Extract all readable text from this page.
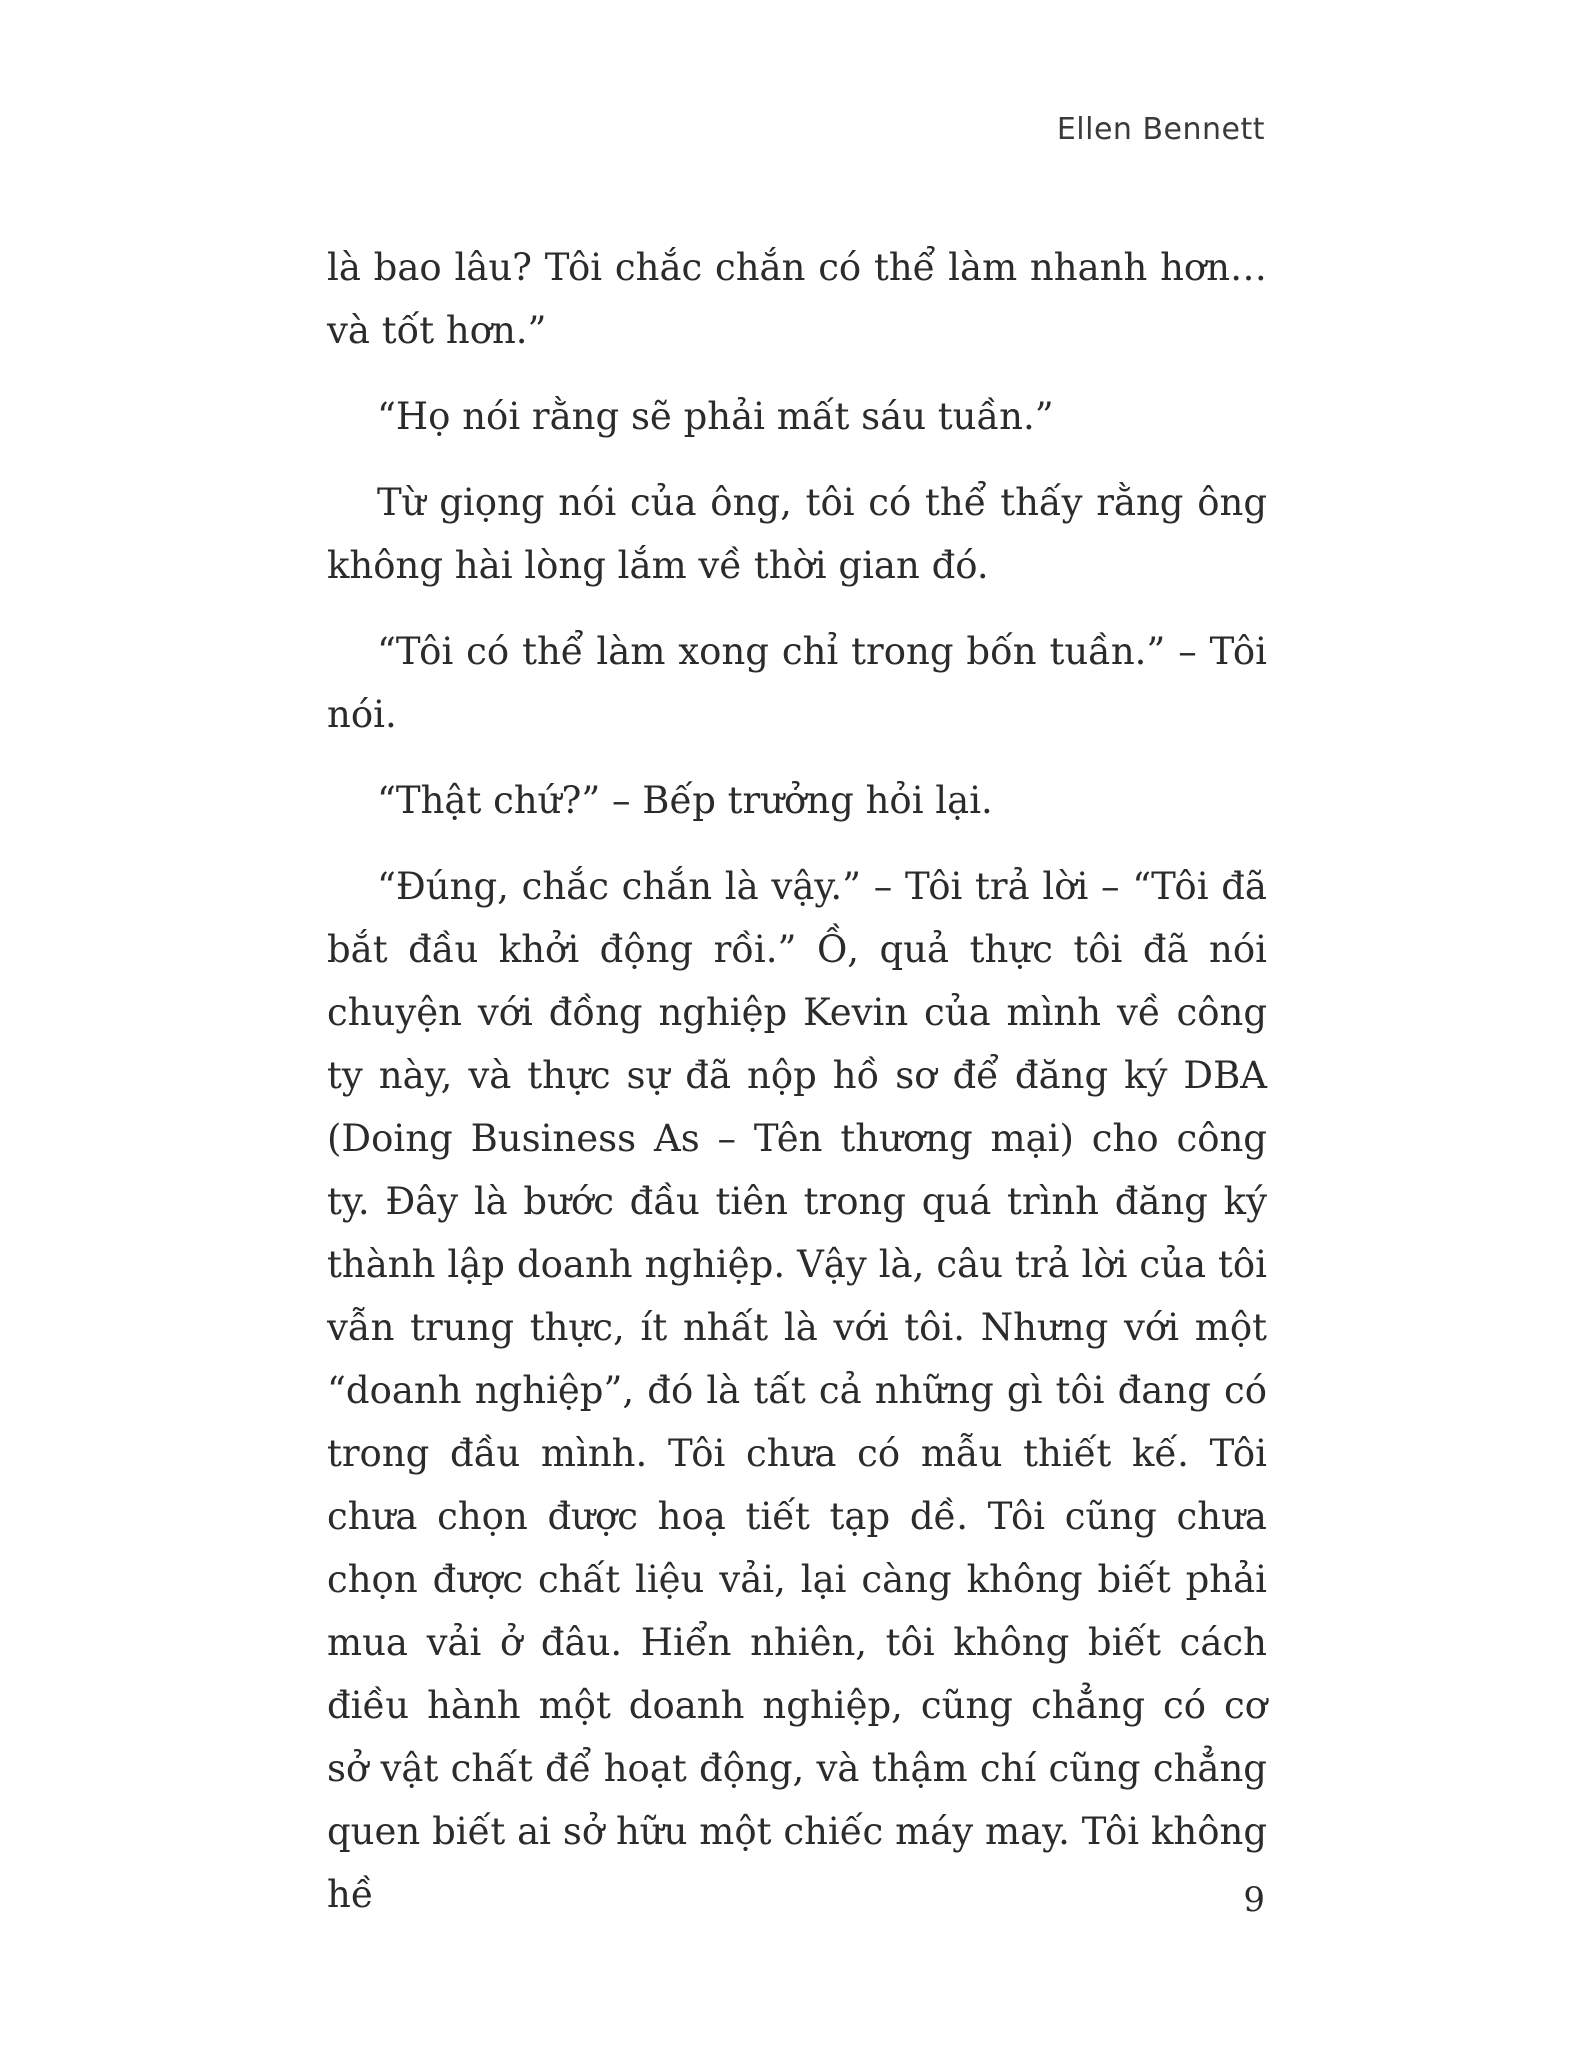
Ellen Bennett

là bao lâu? Tôi chắc chắn có thể làm nhanh hơn… và tốt hơn.”

“Họ nói rằng sẽ phải mất sáu tuần.”

Từ giọng nói của ông, tôi có thể thấy rằng ông không hài lòng lắm về thời gian đó.

“Tôi có thể làm xong chỉ trong bốn tuần.” – Tôi nói.

“Thật chứ?” – Bếp trưởng hỏi lại.

“Đúng, chắc chắn là vậy.” – Tôi trả lời – “Tôi đã bắt đầu khởi động rồi.” Ồ, quả thực tôi đã nói chuyện với đồng nghiệp Kevin của mình về công ty này, và thực sự đã nộp hồ sơ để đăng ký DBA (Doing Business As – Tên thương mại) cho công ty. Đây là bước đầu tiên trong quá trình đăng ký thành lập doanh nghiệp. Vậy là, câu trả lời của tôi vẫn trung thực, ít nhất là với tôi. Nhưng với một “doanh nghiệp”, đó là tất cả những gì tôi đang có trong đầu mình. Tôi chưa có mẫu thiết kế. Tôi chưa chọn được hoạ tiết tạp dề. Tôi cũng chưa chọn được chất liệu vải, lại càng không biết phải mua vải ở đâu. Hiển nhiên, tôi không biết cách điều hành một doanh nghiệp, cũng chẳng có cơ sở vật chất để hoạt động, và thậm chí cũng chẳng quen biết ai sở hữu một chiếc máy may. Tôi không hề	9
